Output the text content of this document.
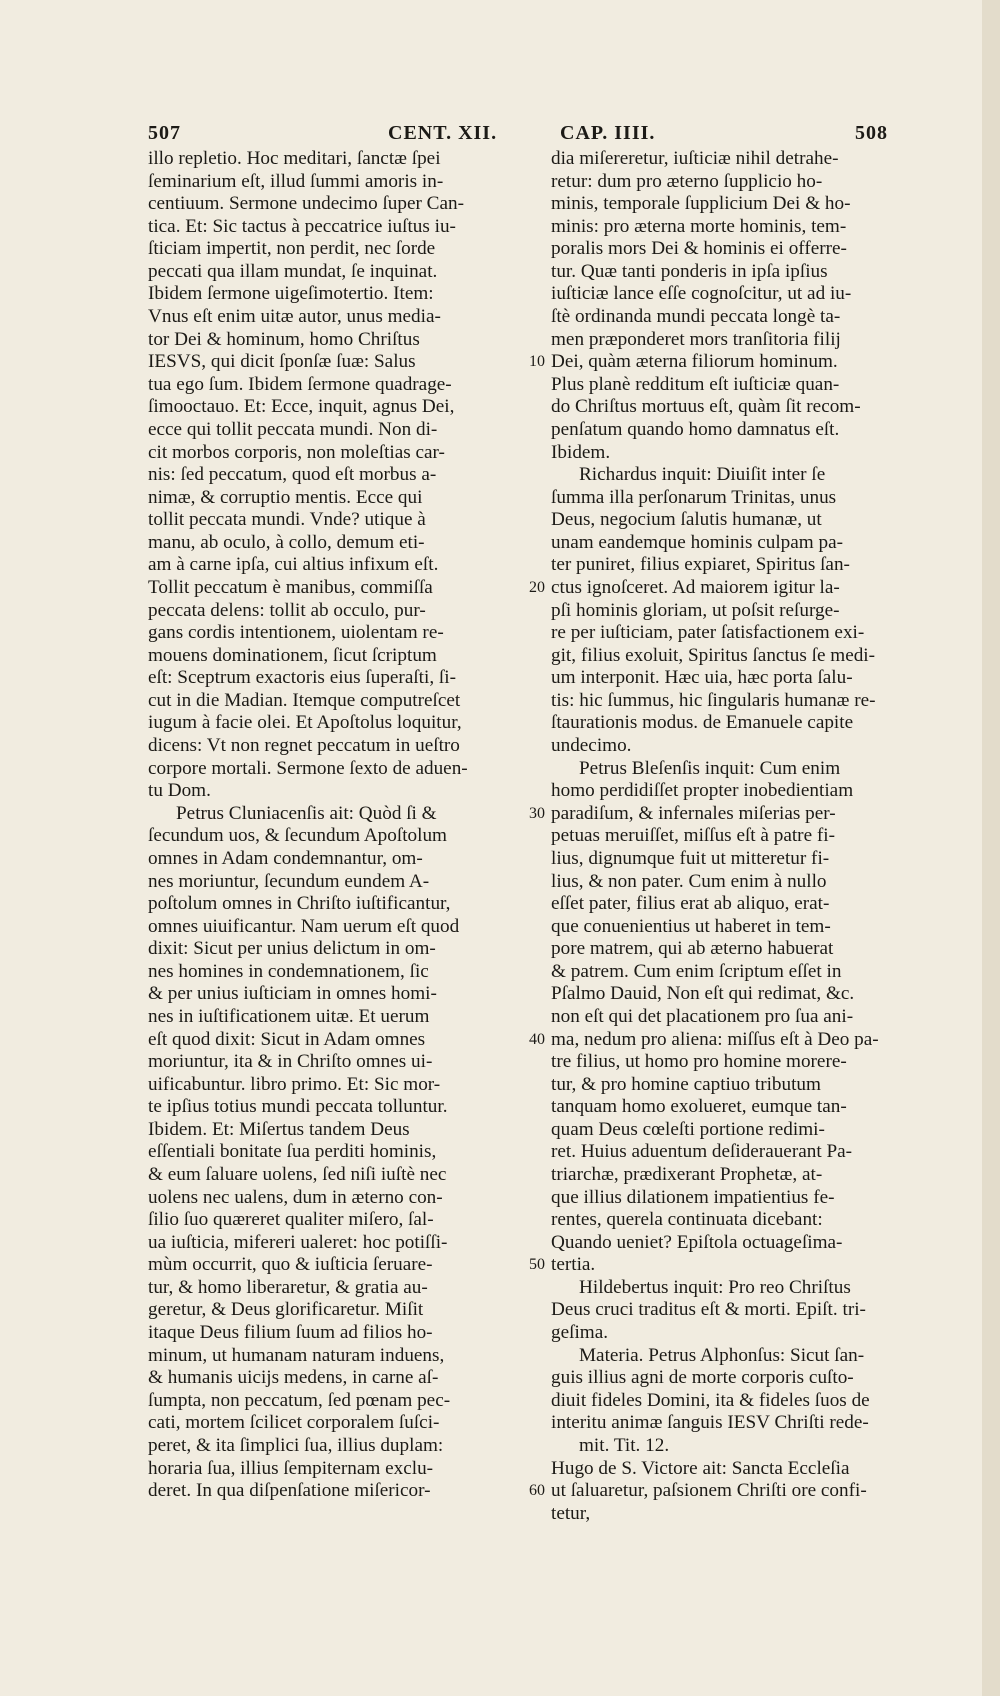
507	CENT. XII.	CAP. IIII.	508
illo repletio. Hoc meditari, ſanctæ ſpei
ſeminarium eſt, illud ſummi amoris in-
centiuum. Sermone undecimo ſuper Can-
tica. Et: Sic tactus à peccatrice iuſtus iu-
ſticiam impertit, non perdit, nec ſorde
peccati qua illam mundat, ſe inquinat.
Ibidem ſermone uigeſimotertio. Item:
Vnus eſt enim uitæ autor, unus media-
tor Dei & hominum, homo Chriſtus
IESVS, qui dicit ſponſæ ſuæ: Salus
tua ego ſum. Ibidem ſermone quadrage-
ſimooctauo. Et: Ecce, inquit, agnus Dei,
ecce qui tollit peccata mundi. Non di-
cit morbos corporis, non moleſtias car-
nis: ſed peccatum, quod eſt morbus a-
nimæ, & corruptio mentis. Ecce qui
tollit peccata mundi. Vnde? utique à
manu, ab oculo, à collo, demum eti-
am à carne ipſa, cui altius infixum eſt.
Tollit peccatum è manibus, commiſſa
peccata delens: tollit ab occulo, pur-
gans cordis intentionem, uiolentam re-
mouens dominationem, ſicut ſcriptum
eſt: Sceptrum exactoris eius ſuperaſti, ſi-
cut in die Madian. Itemque computreſcet
iugum à facie olei. Et Apoſtolus loquitur,
dicens: Vt non regnet peccatum in ueſtro
corpore mortali. Sermone ſexto de aduen-
tu Dom.
Petrus Cluniacenſis ait: Quòd ſi &
ſecundum uos, & ſecundum Apoſtolum
omnes in Adam condemnantur, om-
nes moriuntur, ſecundum eundem A-
poſtolum omnes in Chriſto iuſtificantur,
omnes uiuificantur. Nam uerum eſt quod
dixit: Sicut per unius delictum in om-
nes homines in condemnationem, ſic
& per unius iuſticiam in omnes homi-
nes in iuſtificationem uitæ. Et uerum
eſt quod dixit: Sicut in Adam omnes
moriuntur, ita & in Chriſto omnes ui-
uificabuntur. libro primo. Et: Sic mor-
te ipſius totius mundi peccata tolluntur.
Ibidem. Et: Miſertus tandem Deus
eſſentiali bonitate ſua perditi hominis,
& eum ſaluare uolens, ſed niſi iuſtè nec
uolens nec ualens, dum in æterno con-
ſilio ſuo quæreret qualiter miſero, ſal-
ua iuſticia, mifereri ualeret: hoc potiſſi-
mùm occurrit, quo & iuſticia ſeruare-
tur, & homo liberaretur, & gratia au-
geretur, & Deus glorificaretur. Miſit
itaque Deus filium ſuum ad filios ho-
minum, ut humanam naturam induens,
& humanis uicijs medens, in carne aſ-
ſumpta, non peccatum, ſed pœnam pec-
cati, mortem ſcilicet corporalem ſuſci-
peret, & ita ſimplici ſua, illius duplam:
horaria ſua, illius ſempiternam exclu-
deret. In qua diſpenſatione miſericor-
dia miſereretur, iuſticiæ nihil detrahe-
retur: dum pro æterno ſupplicio ho-
minis, temporale ſupplicium Dei & ho-
minis: pro æterna morte hominis, tem-
poralis mors Dei & hominis ei offerre-
tur. Quæ tanti ponderis in ipſa ipſius
iuſticiæ lance eſſe cognoſcitur, ut ad iu-
ſtè ordinanda mundi peccata longè ta-
men præponderet mors tranſitoria filij
Dei, quàm æterna filiorum hominum.
Plus planè redditum eſt iuſticiæ quan-
do Chriſtus mortuus eſt, quàm ſit recom-
penſatum quando homo damnatus eſt.
Ibidem.
Richardus inquit: Diuiſit inter ſe
ſumma illa perſonarum Trinitas, unus
Deus, negocium ſalutis humanæ, ut
unam eandemque hominis culpam pa-
ter puniret, filius expiaret, Spiritus ſan-
ctus ignoſceret. Ad maiorem igitur la-
pſi hominis gloriam, ut poſsit reſurge-
re per iuſticiam, pater ſatisfactionem exi-
git, filius exoluit, Spiritus ſanctus ſe medi-
um interponit. Hæc uia, hæc porta ſalu-
tis: hic ſummus, hic ſingularis humanæ re-
ſtaurationis modus. de Emanuele capite
undecimo.
Petrus Bleſenſis inquit: Cum enim
homo perdidiſſet propter inobedientiam
paradiſum, & infernales miſerias per-
petuas meruiſſet, miſſus eſt à patre fi-
lius, dignumque fuit ut mitteretur fi-
lius, & non pater. Cum enim à nullo
eſſet pater, filius erat ab aliquo, erat-
que conuenientius ut haberet in tem-
pore matrem, qui ab æterno habuerat
& patrem. Cum enim ſcriptum eſſet in
Pſalmo Dauid, Non eſt qui redimat, &c.
non eſt qui det placationem pro ſua ani-
ma, nedum pro aliena: miſſus eſt à Deo pa-
tre filius, ut homo pro homine morere-
tur, & pro homine captiuo tributum
tanquam homo exolueret, eumque tan-
quam Deus cœleſti portione redimi-
ret. Huius aduentum deſiderauerant Pa-
triarchæ, prædixerant Prophetæ, at-
que illius dilationem impatientius fe-
rentes, querela continuata dicebant:
Quando ueniet? Epiſtola octuageſima-
tertia.
Hildebertus inquit: Pro reo Chriſtus
Deus cruci traditus eſt & morti. Epiſt. tri-
geſima.
Materia. Petrus Alphonſus: Sicut ſan-
guis illius agni de morte corporis cuſto-
diuit fideles Domini, ita & fideles ſuos de
interitu animæ ſanguis IESV Chriſti rede-
mit. Tit. 12.
Hugo de S. Victore ait: Sancta Eccleſia
ut ſaluaretur, paſsionem Chriſti ore confi-
tetur,
10
20
30
40
50
60
